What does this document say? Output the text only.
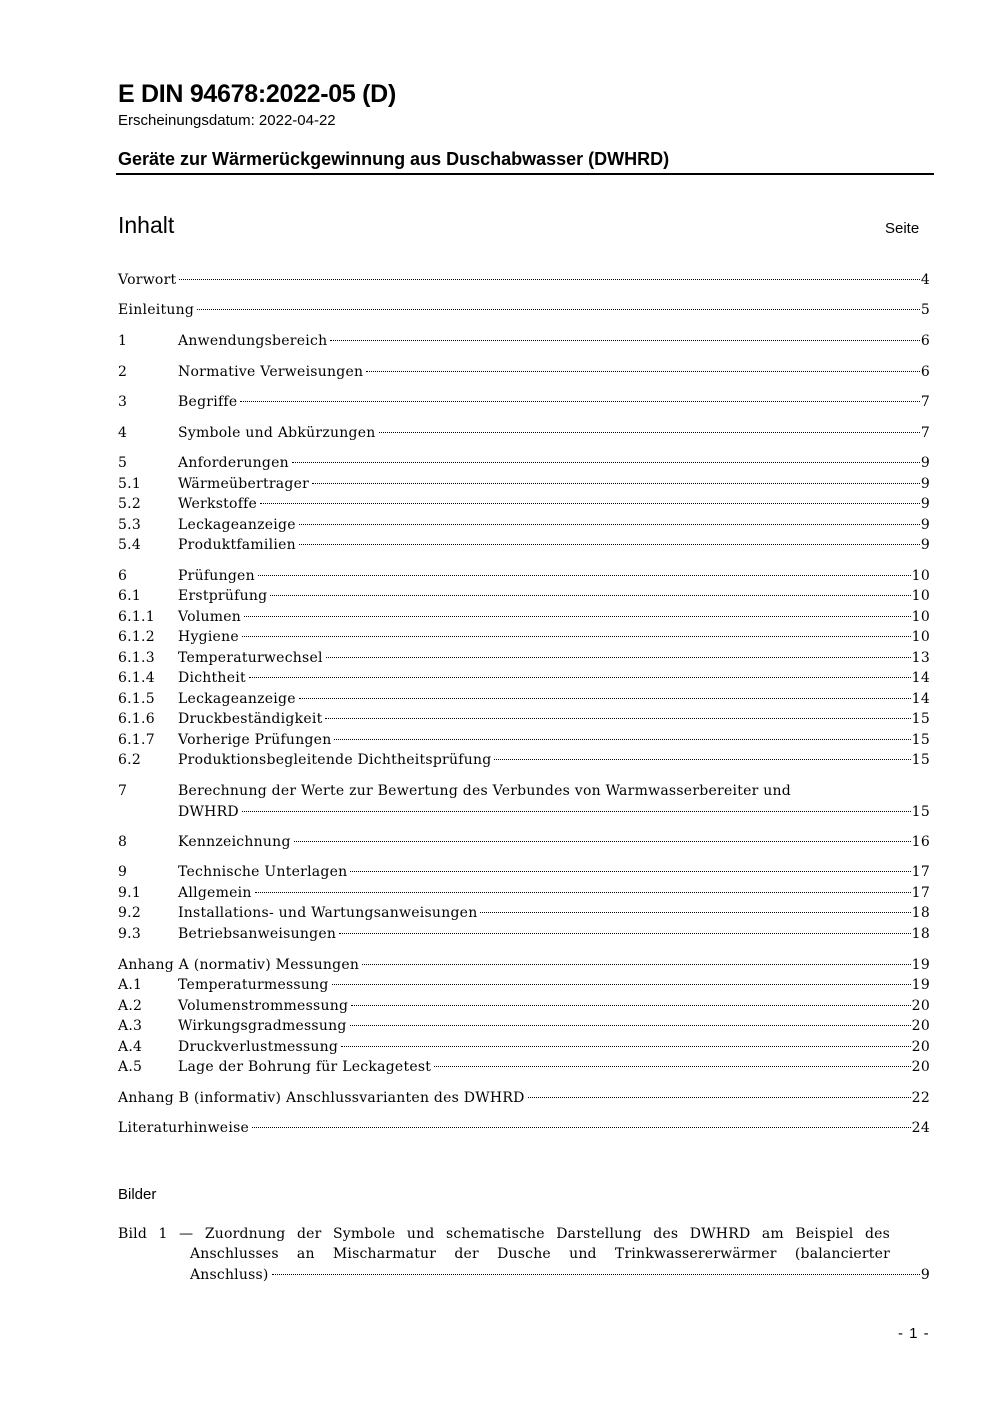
E DIN 94678:2022-05 (D)
Erscheinungsdatum: 2022-04-22
Geräte zur Wärmerückgewinnung aus Duschabwasser (DWHRD)
Inhalt	Seite
Vorwort	4
Einleitung	5
1	Anwendungsbereich	6
2	Normative Verweisungen	6
3	Begriffe	7
4	Symbole und Abkürzungen	7
5	Anforderungen	9
5.1	Wärmeübertrager	9
5.2	Werkstoffe	9
5.3	Leckageanzeige	9
5.4	Produktfamilien	9
6	Prüfungen	10
6.1	Erstprüfung	10
6.1.1	Volumen	10
6.1.2	Hygiene	10
6.1.3	Temperaturwechsel	13
6.1.4	Dichtheit	14
6.1.5	Leckageanzeige	14
6.1.6	Druckbeständigkeit	15
6.1.7	Vorherige Prüfungen	15
6.2	Produktionsbegleitende Dichtheitsprüfung	15
7	Berechnung der Werte zur Bewertung des Verbundes von Warmwasserbereiter und
DWHRD	15
8	Kennzeichnung	16
9	Technische Unterlagen	17
9.1	Allgemein	17
9.2	Installations- und Wartungsanweisungen	18
9.3	Betriebsanweisungen	18
Anhang A (normativ) Messungen	19
A.1	Temperaturmessung	19
A.2	Volumenstrommessung	20
A.3	Wirkungsgradmessung	20
A.4	Druckverlustmessung	20
A.5	Lage der Bohrung für Leckagetest	20
Anhang B (informativ) Anschlussvarianten des DWHRD	22
Literaturhinweise	24
Bilder
Bild 1 — Zuordnung der Symbole und schematische Darstellung des DWHRD am Beispiel des
Anschlusses an Mischarmatur der Dusche und Trinkwassererwärmer (balancierter
Anschluss)	9
- 1 -
